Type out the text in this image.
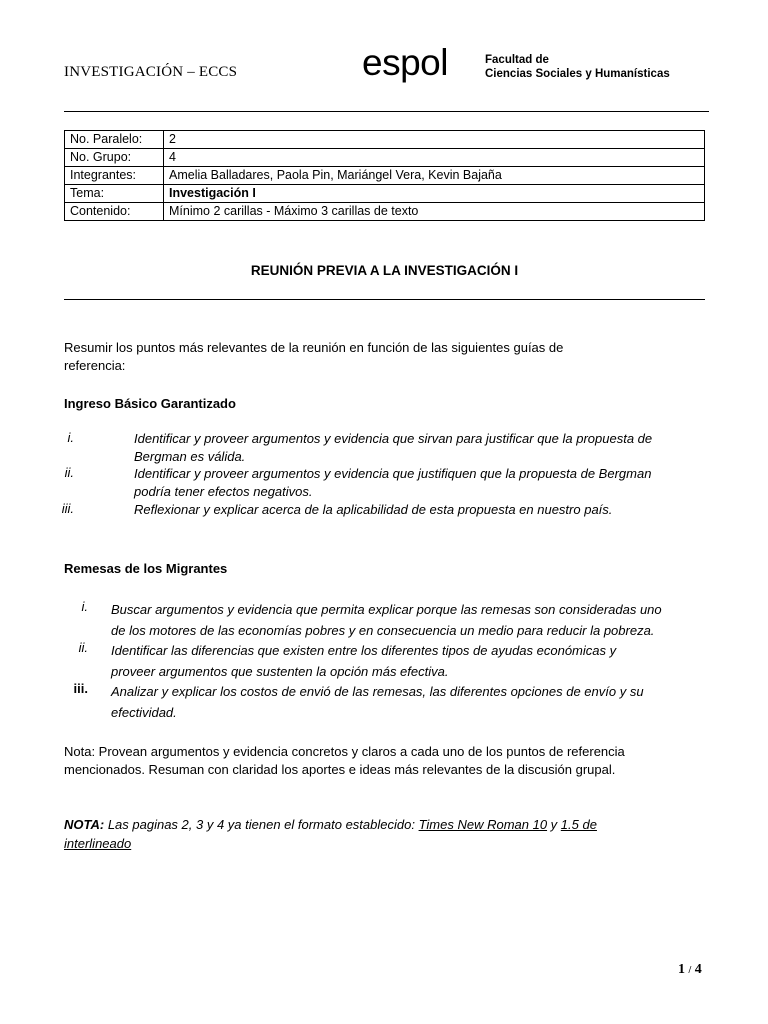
INVESTIGACIÓN – ECCS	espol	Facultad de
Ciencias Sociales y Humanísticas
No. Paralelo:	2
No. Grupo:	4
Integrantes:	Amelia Balladares, Paola Pin, Mariángel Vera, Kevin Bajaña
Tema:	Investigación I
Contenido:	Mínimo 2 carillas - Máximo 3 carillas de texto
REUNIÓN PREVIA A LA INVESTIGACIÓN I
Resumir los puntos más relevantes de la reunión en función de las siguientes guías de
referencia:
Ingreso Básico Garantizado
i.	Identificar y proveer argumentos y evidencia que sirvan para justificar que la propuesta de
Bergman es válida.
ii.	Identificar y proveer argumentos y evidencia que justifiquen que la propuesta de Bergman
podría tener efectos negativos.
iii.	Reflexionar y explicar acerca de la aplicabilidad de esta propuesta en nuestro país.
Remesas de los Migrantes
i. Buscar argumentos y evidencia que permita explicar porque las remesas son consideradas uno
de los motores de las economías pobres y en consecuencia un medio para reducir la pobreza.
ii. Identificar las diferencias que existen entre los diferentes tipos de ayudas económicas y
proveer argumentos que sustenten la opción más efectiva.
iii. Analizar y explicar los costos de envió de las remesas, las diferentes opciones de envío y su
efectividad.
Nota: Provean argumentos y evidencia concretos y claros a cada uno de los puntos de referencia
mencionados. Resuman con claridad los aportes e ideas más relevantes de la discusión grupal.
NOTA: Las paginas 2, 3 y 4 ya tienen el formato establecido: Times New Roman 10 y 1.5 de
interlineado
1 / 4
